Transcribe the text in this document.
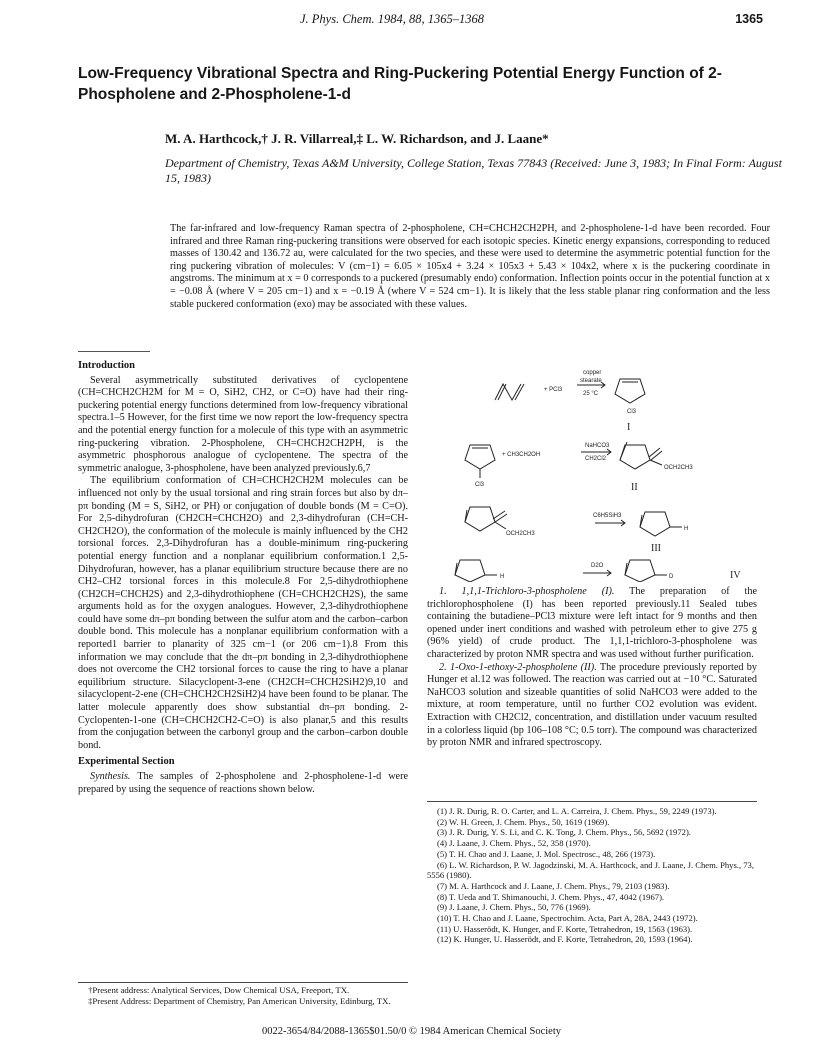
J. Phys. Chem. 1984, 88, 1365–1368	1365
Low-Frequency Vibrational Spectra and Ring-Puckering Potential Energy Function of 2-Phospholene and 2-Phospholene-1-d
M. A. Harthcock,† J. R. Villarreal,‡ L. W. Richardson, and J. Laane*
Department of Chemistry, Texas A&M University, College Station, Texas 77843 (Received: June 3, 1983; In Final Form: August 15, 1983)
The far-infrared and low-frequency Raman spectra of 2-phospholene, CH=CHCH2CH2PH, and 2-phospholene-1-d have been recorded. Four infrared and three Raman ring-puckering transitions were observed for each isotopic species. Kinetic energy expansions, corresponding to reduced masses of 130.42 and 136.72 au, were calculated for the two species, and these were used to determine the asymmetric potential function for the ring puckering vibration of molecules: V (cm−1) = 6.05 × 105x4 + 3.24 × 105x3 + 5.43 × 104x2, where x is the puckering coordinate in angstroms. The minimum at x = 0 corresponds to a puckered (presumably endo) conformation. Inflection points occur in the potential function at x = −0.08 Å (where V = 205 cm−1) and x = −0.19 Å (where V = 524 cm−1). It is likely that the less stable planar ring conformation and the less stable puckered conformation (exo) may be associated with these values.
Introduction

Several asymmetrically substituted derivatives of cyclopentene (CH=CHCH2CH2M for M = O, SiH2, CH2, or C=O) have had their ring-puckering potential energy functions determined from low-frequency vibrational spectra.1–5 However, for the first time we now report the low-frequency spectra and the potential energy function for a molecule of this type with an asymmetric ring-puckering vibration. 2-Phospholene, CH=CHCH2CH2PH, is the asymmetric phosphorous analogue of cyclopentene. The spectra of the symmetric analogue, 3-phospholene, have been analyzed previously.6,7

The equilibrium conformation of CH=CHCH2CH2M molecules can be influenced not only by the usual torsional and ring strain forces but also by dπ–pπ bonding (M = S, SiH2, or PH) or conjugation of double bonds (M = C=O). For 2,5-dihydrofuran (CH2CH=CHCH2O) and 2,3-dihydrofuran (CH=CH-CH2CH2O), the conformation of the molecule is mainly influenced by the CH2 torsional forces. 2,3-Dihydrofuran has a double-minimum ring-puckering potential energy function and a nonplanar equilibrium conformation.1 2,5-Dihydrofuran, however, has a planar equilibrium structure because there are no CH2–CH2 torsional forces in this molecule.8 For 2,5-dihydrothiophene (CH2CH=CHCH2S) and 2,3-dihydrothiophene (CH=CHCH2CH2S), the same arguments hold as for the oxygen analogues. However, 2,3-dihydrothiophene could have some dπ–pπ bonding between the sulfur atom and the carbon–carbon double bond. This molecule has a nonplanar equilibrium conformation with a reported1 barrier to planarity of 325 cm−1 (or 206 cm−1).8 From this information we may conclude that the dπ–pπ bonding in 2,3-dihydrothiophene does not overcome the CH2 torsional forces to cause the ring to have a planar equilibrium structure. Silacyclopent-3-ene (CH2CH=CHCH2SiH2)9,10 and silacyclopent-2-ene (CH=CHCH2CH2SiH2)4 have been found to be planar. The latter molecule apparently does show substantial dπ–pπ bonding. 2-Cyclopenten-1-one (CH=CHCH2CH2-C=O) is also planar,5 and this results from the conjugation between the carbonyl group and the carbon–carbon double bond.

Experimental Section

Synthesis. The samples of 2-phospholene and 2-phospholene-1-d were prepared by using the sequence of reactions shown below.

+ PCl3
copper
stearate
25 °C
Cl3
I
+ CH3CH2OH
NaHCO3
CH2Cl2
Cl3
OCH2CH3
II
OCH2CH3
C6H5SiH3
H
III
H
D2O
D	IV

1. 1,1,1-Trichloro-3-phospholene (I). The preparation of the trichlorophospholene (I) has been reported previously.11 Sealed tubes containing the butadiene–PCl3 mixture were left intact for 9 months and then opened under inert conditions and washed with petroleum ether to give 275 g (96% yield) of crude product. The 1,1,1-trichloro-3-phospholene was characterized by proton NMR spectra and was used without further purification.

2. 1-Oxo-1-ethoxy-2-phospholene (II). The procedure previously reported by Hunger et al.12 was followed. The reaction was carried out at −10 °C. Saturated NaHCO3 solution and sizeable quantities of solid NaHCO3 were added to the mixture, at room temperature, until no further CO2 evolution was evident. Extraction with CH2Cl2, concentration, and distillation under vacuum resulted in a colorless liquid (bp 106–108 °C; 0.5 torr). The compound was characterized by proton NMR and infrared spectroscopy.

(1) J. R. Durig, R. O. Carter, and L. A. Carreira, J. Chem. Phys., 59, 2249 (1973).
(2) W. H. Green, J. Chem. Phys., 50, 1619 (1969).
(3) J. R. Durig, Y. S. Li, and C. K. Tong, J. Chem. Phys., 56, 5692 (1972).
(4) J. Laane, J. Chem. Phys., 52, 358 (1970).
(5) T. H. Chao and J. Laane, J. Mol. Spectrosc., 48, 266 (1973).
(6) L. W. Richardson, P. W. Jagodzinski, M. A. Harthcock, and J. Laane, J. Chem. Phys., 73, 5556 (1980).
(7) M. A. Harthcock and J. Laane, J. Chem. Phys., 79, 2103 (1983).
(8) T. Ueda and T. Shimanouchi, J. Chem. Phys., 47, 4042 (1967).
(9) J. Laane, J. Chem. Phys., 50, 776 (1969).
(10) T. H. Chao and J. Laane, Spectrochim. Acta, Part A, 28A, 2443 (1972).
(11) U. Hasserödt, K. Hunger, and F. Korte, Tetrahedron, 19, 1563 (1963).
(12) K. Hunger, U. Hasserödt, and F. Korte, Tetrahedron, 20, 1593 (1964).
†Present address: Analytical Services, Dow Chemical USA, Freeport, TX.
‡Present Address: Department of Chemistry, Pan American University, Edinburg, TX.
0022-3654/84/2088-1365$01.50/0 © 1984 American Chemical Society
